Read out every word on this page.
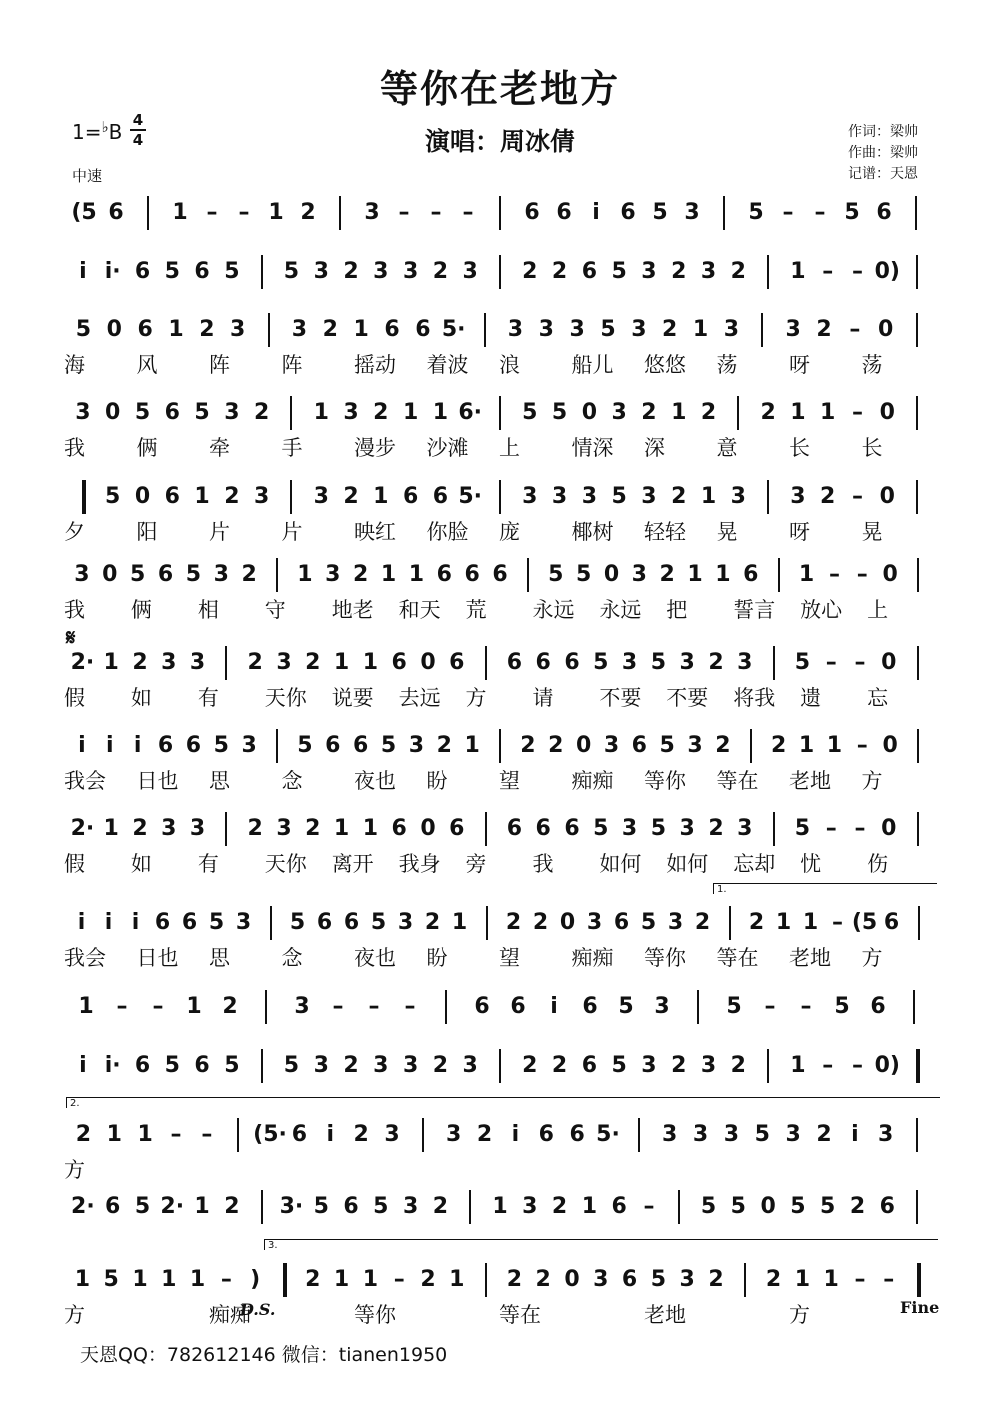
等你在老地方
1=♭B 4
4
中速
演唱：周冰倩	作词：梁帅
作曲：梁帅
记谱：天恩
(5 6	1 – – 1 2	3 – – –	6 6 i 6 5 3	5 – – 5 6
i i· 6 5 6 5	5 3 2 3 3 2 3	2 2 6 5 3 2 3 2	1 – – 0)
5 0 6 1 2 3	3 2 1 6 6 5·	3 3 3 5 3 2 1 3	3 2 – 0
海 风 阵 阵 摇动 着波 浪 船儿 悠悠 荡 呀 荡
3 0 5 6 5 3 2	1 3 2 1 1 6·	5 5 0 3 2 1 2	2 1 1 – 0
我 俩 牵 手 漫步 沙滩 上 情深 深 意 长 长
5 0 6 1 2 3	3 2 1 6 6 5·	3 3 3 5 3 2 1 3	3 2 – 0
夕 阳 片 片 映红 你脸 庞 椰树 轻轻 晃 呀 晃
3 0 5 6 5 3 2 1 3 2 1 1 6 6 6 5 5 0 3 2 1 1 6 1 – – 0
我 俩 相 守 地老 和天 荒 永远 永远 把 誓言 放心 上
2· 1 2 3 3	2 3 2 1 1 6 0 6	6 6 6 5 3 5 3 2 3	5 – – 0
假 如 有 天你 说要 去远 方 请 不要 不要 将我 遗 忘
i i i 6 6 5 3 5 6 6 5 3 2 1 2 2 0 3 6 5 3 2 2 1 1 – 0
我会 日也 思 念 夜也 盼 望 痴痴 等你 等在 老地 方
2· 1 2 3 3	2 3 2 1 1 6 0 6	6 6 6 5 3 5 3 2 3	5 – – 0
假 如 有 天你 离开 我身 旁 我 如何 如何 忘却 忧 伤
i i i 6 6 5 3 5 6 6 5 3 2 1 2 2 0 3 6 5 3 2 2 1 1 – (5 6
我会 日也 思 念 夜也 盼 望 痴痴 等你 等在 老地 方
1	–	–	1 2	3	–	–	–	6 6	i	6 5 3	5	–	–	5 6
i i· 6 5 6 5	5 3 2 3 3 2 3	2 2 6 5 3 2 3 2	1 – – 0)
2 1 1 – –	(5· 6 i 2 3	3 2 i 6 6 5·	3 3 3 5 3 2 i 3
方
2· 6 5 2· 1 2	3· 5 6 5 3 2	1 3 2 1 6 –	5 5 0 5 5 2 6
1 5 1 1 1 – )	2 1 1 – 2 1	2 2 0 3 6 5 3 2	2 1 1 – –
方	痴痴	等你	等在	老地	方
1.
2.
3.
𝄋
D.S.	Fine
天恩QQ：782612146 微信：tianen1950
